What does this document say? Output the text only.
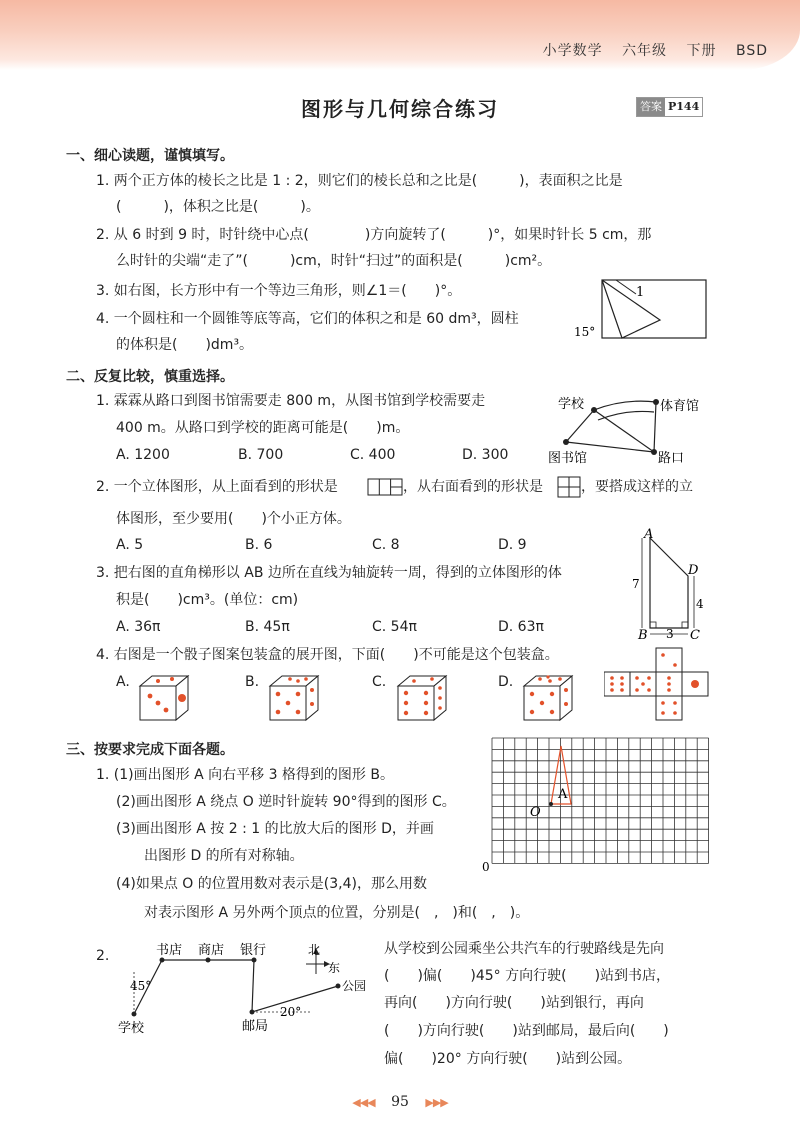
小学数学 六年级 下册 BSD
图形与几何综合练习	答案 P144
一、细心读题，谨慎填写。
1. 两个正方体的棱长之比是 1 : 2，则它们的棱长总和之比是(　　　)，表面积之比是
(　　　)，体积之比是(　　　)。
2. 从 6 时到 9 时，时针绕中心点(　　　　)方向旋转了(　　　)°，如果时针长 5 cm，那
么时针的尖端“走了”(　　　)cm，时针“扫过”的面积是(　　　)cm²。
3. 如右图，长方形中有一个等边三角形，则∠1＝(　　)°。
4. 一个圆柱和一个圆锥等底等高，它们的体积之和是 60 dm³，圆柱
的体积是(　　)dm³。
1
15°
二、反复比较，慎重选择。
1. 霖霖从路口到图书馆需要走 800 m，从图书馆到学校需要走
400 m。从路口到学校的距离可能是(　　)m。
A. 1200	B. 700	C. 400	D. 300
学校	体育馆
图书馆	路口
2. 一个立体图形，从上面看到的形状是	，从右面看到的形状是	，要搭成这样的立
体图形，至少要用(　　)个小正方体。
A. 5	B. 6	C. 8	D. 9
3. 把右图的直角梯形以 AB 边所在直线为轴旋转一周，得到的立体图形的体
积是(　　)cm³。(单位：cm)
A. 36π	B. 45π	C. 54π	D. 63π
A
D
B	C
7
4
3
4. 右图是一个骰子图案包装盒的展开图，下面(　　)不可能是这个包装盒。
A.	B.	C.	D.
三、按要求完成下面各题。
1. (1)画出图形 A 向右平移 3 格得到的图形 B。
(2)画出图形 A 绕点 O 逆时针旋转 90°得到的图形 C。
(3)画出图形 A 按 2 : 1 的比放大后的图形 D，并画
出图形 D 的所有对称轴。
(4)如果点 O 的位置用数对表示是(3,4)，那么用数
对表示图形 A 另外两个顶点的位置，分别是(　,　)和(　,　)。
A
O
0
2.	书店 商店 银行	北
东
公园
学校	邮局
45°
20°
从学校到公园乘坐公共汽车的行驶路线是先向
(　　)偏(　　)45° 方向行驶(　　)站到书店，
再向(　　)方向行驶(　　)站到银行，再向
(　　)方向行驶(　　)站到邮局，最后向(　　)
偏(　　)20° 方向行驶(　　)站到公园。
◀◀◀ 95 ▶▶▶
